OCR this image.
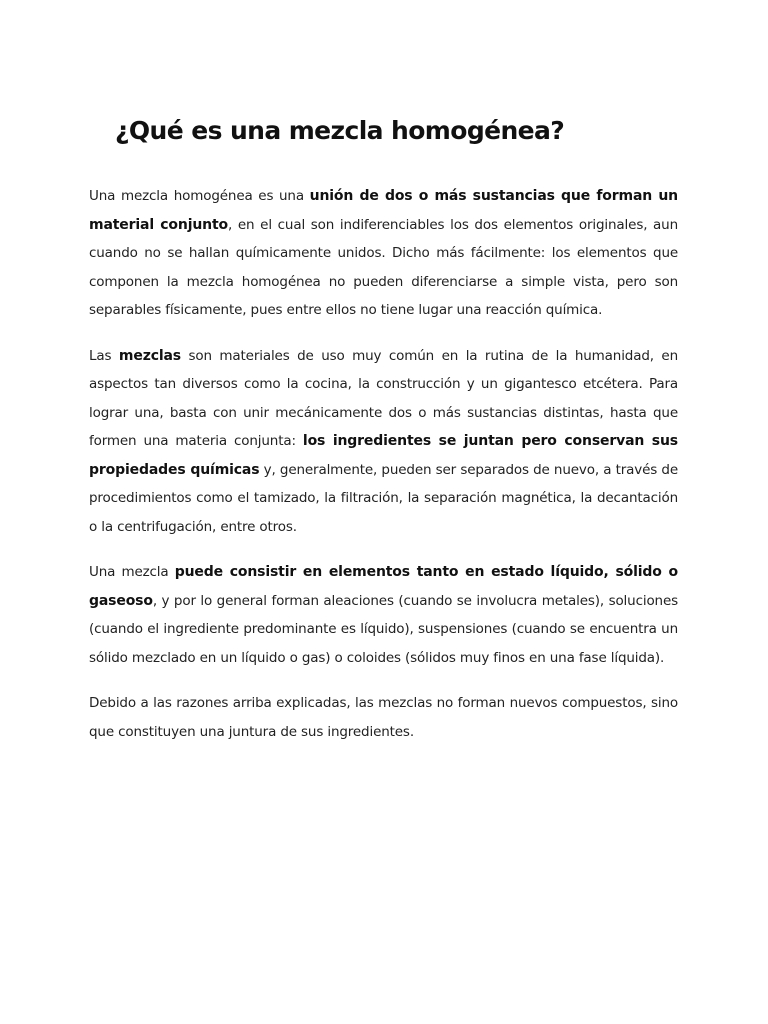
¿Qué es una mezcla homogénea?

Una mezcla homogénea es una unión de dos o más sustancias que forman un material conjunto, en el cual son indiferenciables los dos elementos originales, aun cuando no se hallan químicamente unidos. Dicho más fácilmente: los elementos que componen la mezcla homogénea no pueden diferenciarse a simple vista, pero son separables físicamente, pues entre ellos no tiene lugar una reacción química.

Las mezclas son materiales de uso muy común en la rutina de la humanidad, en aspectos tan diversos como la cocina, la construcción y un gigantesco etcétera. Para lograr una, basta con unir mecánicamente dos o más sustancias distintas, hasta que formen una materia conjunta: los ingredientes se juntan pero conservan sus propiedades químicas y, generalmente, pueden ser separados de nuevo, a través de procedimientos como el tamizado, la filtración, la separación magnética, la decantación o la centrifugación, entre otros.

Una mezcla puede consistir en elementos tanto en estado líquido, sólido o gaseoso, y por lo general forman aleaciones (cuando se involucra metales), soluciones (cuando el ingrediente predominante es líquido), suspensiones (cuando se encuentra un sólido mezclado en un líquido o gas) o coloides (sólidos muy finos en una fase líquida).

Debido a las razones arriba explicadas, las mezclas no forman nuevos compuestos, sino que constituyen una juntura de sus ingredientes.
